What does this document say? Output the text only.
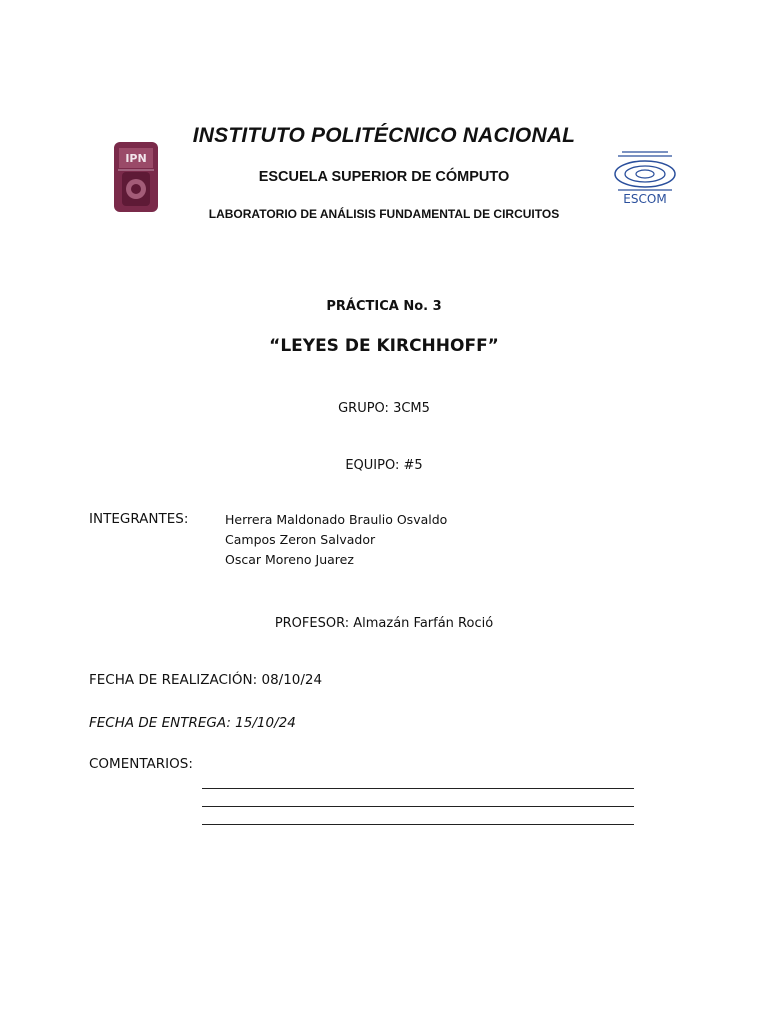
IPN
ESCOM
INSTITUTO POLITÉCNICO NACIONAL
ESCUELA SUPERIOR DE CÓMPUTO
LABORATORIO DE ANÁLISIS FUNDAMENTAL DE CIRCUITOS
PRÁCTICA No. 3
“LEYES DE KIRCHHOFF”
GRUPO: 3CM5
EQUIPO: #5
INTEGRANTES:	Herrera Maldonado Braulio Osvaldo
Campos Zeron Salvador
Oscar Moreno Juarez
PROFESOR: Almazán Farfán Roció
FECHA DE REALIZACIÓN: 08/10/24
FECHA DE ENTREGA: 15/10/24
COMENTARIOS:
